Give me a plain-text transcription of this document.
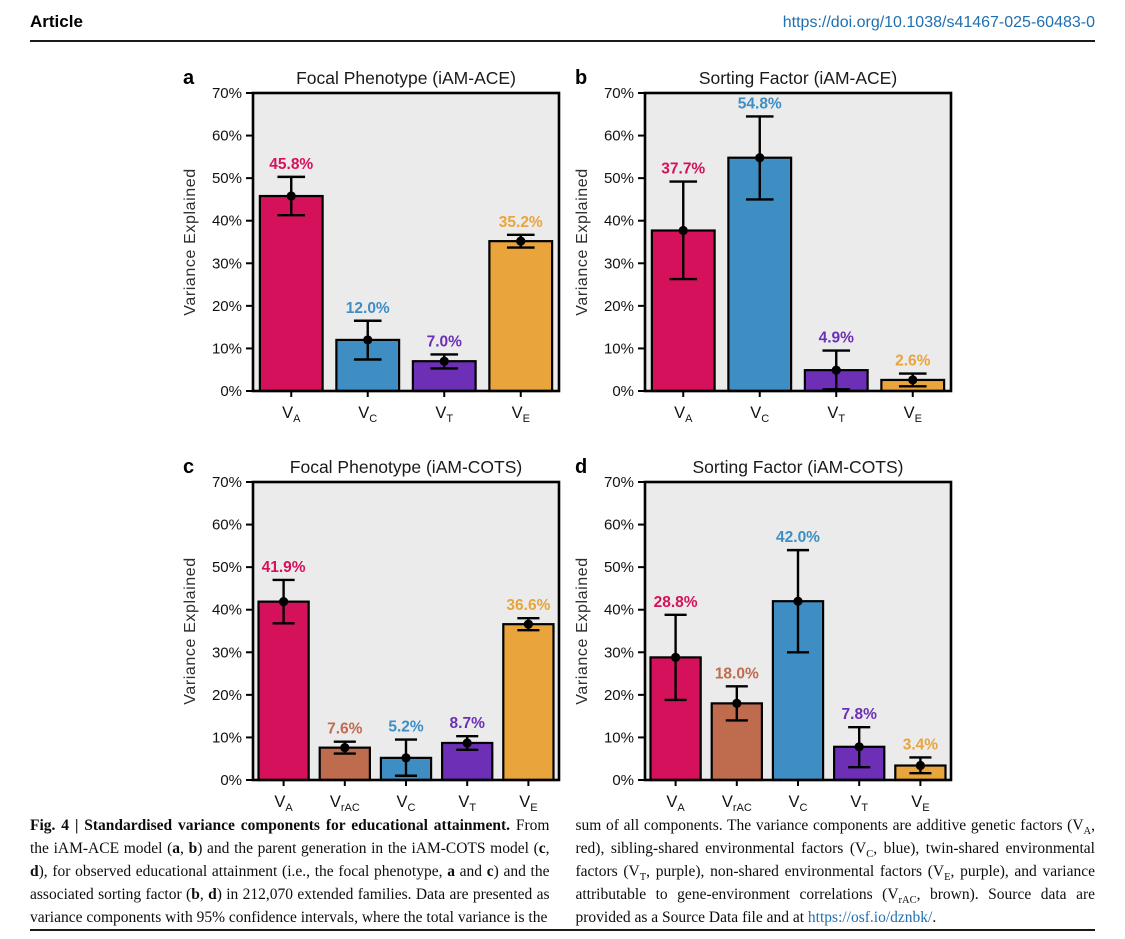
Article	https://doi.org/10.1038/s41467-025-60483-0
a	Focal Phenotype (iAM-ACE)
Variance Explained
0%
10%
20%
30%
40%
50%
60%
70%
45.8%
$V_A$
12.0%
$V_C$
7.0%
$V_T$
35.2%
$V_E$
b	Sorting Factor (iAM-ACE)
Variance Explained
0%
10%
20%
30%
40%
50%
60%
70%
37.7%
$V_A$
54.8%
$V_C$
4.9%
$V_T$
2.6%
$V_E$
c	Focal Phenotype (iAM-COTS)
Variance Explained
0%
10%
20%
30%
40%
50%
60%
70%
41.9%
$V_A$
7.6%
$V_{rAC}$
5.2%
$V_C$
8.7%
$V_T$
36.6%
$V_E$
d	Sorting Factor (iAM-COTS)
Variance Explained
0%
10%
20%
30%
40%
50%
60%
70%
28.8%
$V_A$
18.0%
$V_{rAC}$
42.0%
$V_C$
7.8%
$V_T$
3.4%
$V_E$
Fig. 4 | Standardised variance components for educational attainment. From the iAM-ACE model (a, b) and the parent generation in the iAM-COTS model (c, d), for observed educational attainment (i.e., the focal phenotype, a and c) and the associated sorting factor (b, d) in 212,070 extended families. Data are presented as variance components with 95% confidence intervals, where the total variance is the
sum of all components. The variance components are additive genetic factors ($V_A$, red), sibling-shared environmental factors ($V_C$, blue), twin-shared environmental factors ($V_T$, purple), non-shared environmental factors ($V_E$, purple), and variance attributable to gene-environment correlations ($V_{rAC}$, brown). Source data are provided as a Source Data file and at https://osf.io/dznbk/.
